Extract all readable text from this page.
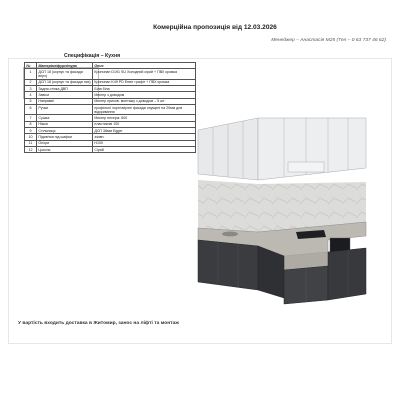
Комерційна пропозиція від 12.03.2026
Менеджер – Анастасія М25 (Тел – 0 63 737 46 62)
Специфікація – Кухня
№	Матеріал/фурнітура	Опис
1	ДСП 18 (корпус та фасади верх)	Кронопан D191 SU Холодний сірий + ПВХ кромка
2	ДСП 18 (корпус та фасади низ)	Кронопан K49 PD Енвіт графіт + ПВХ кромка
3	Задня стінка ДВП	Біла біла
4	Завіси	Мюлер з доводом
5	Напрямні	Мюлер прихов. монтажу з доводом – 5 шт
6	Ручки	профільні чорні верхні фасади опущені на 20мм для відкривання
7	Сушка	Мюлер несерж. 600
8	Ніжки	пластикові 100
9	Стільниця	ДСП 38мм Egger
10	Підсвітка під шафки	ззовн.
11	Опори	Н100
12	Цоколь	Сірий
У вартість входить доставка в Житомир, занос на ліфті та монтаж
